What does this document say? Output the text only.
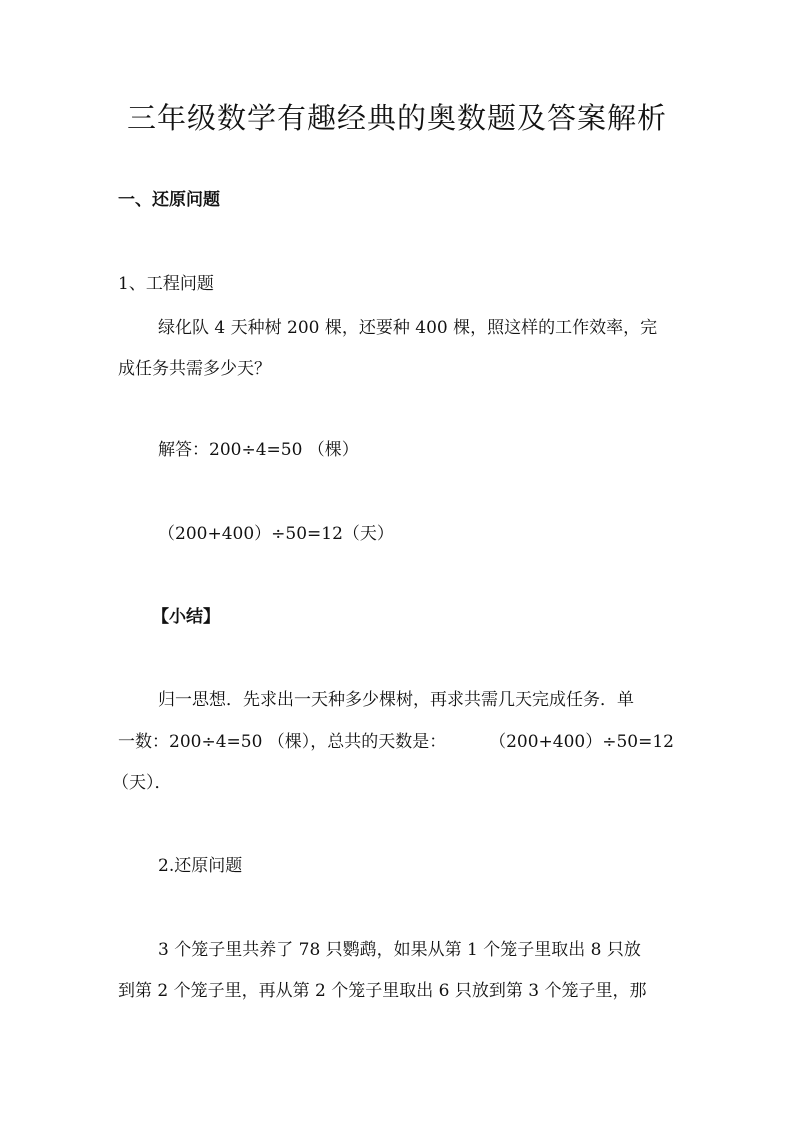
三年级数学有趣经典的奥数题及答案解析
一、还原问题
1、工程问题
绿化队 4 天种树 200 棵，还要种 400 棵，照这样的工作效率，完
成任务共需多少天？
解答：200÷4=50 （棵）
（200+400）÷50=12（天）
【小结】
归一思想．先求出一天种多少棵树，再求共需几天完成任务．单
一数：200÷4=50 （棵），总共的天数是：	（200+400）÷50=12
（天）．
2.还原问题
3 个笼子里共养了 78 只鹦鹉，如果从第 1 个笼子里取出 8 只放
到第 2 个笼子里，再从第 2 个笼子里取出 6 只放到第 3 个笼子里，那
